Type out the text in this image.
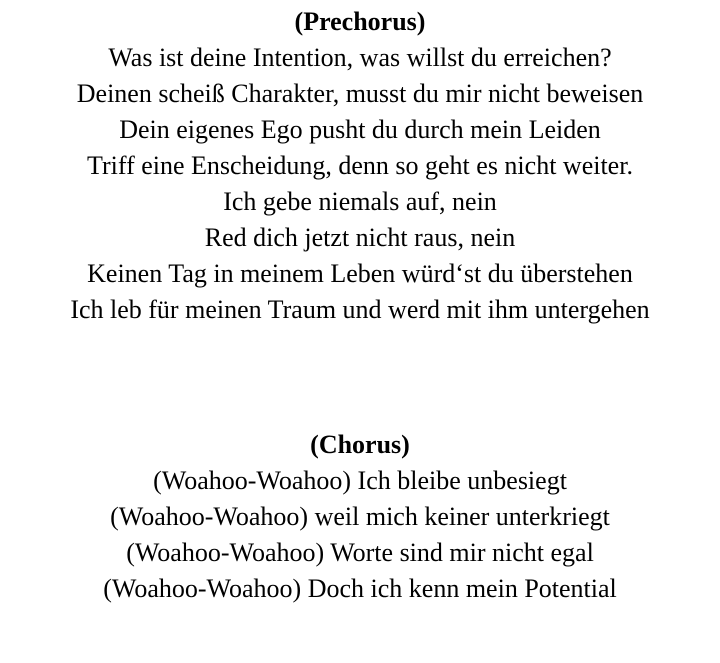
(Prechorus)
Was ist deine Intention, was willst du erreichen?
Deinen scheiß Charakter, musst du mir nicht beweisen
Dein eigenes Ego pusht du durch mein Leiden
Triff eine Enscheidung, denn so geht es nicht weiter.
Ich gebe niemals auf, nein
Red dich jetzt nicht raus, nein
Keinen Tag in meinem Leben würd‘st du überstehen
Ich leb für meinen Traum und werd mit ihm untergehen
(Chorus)
(Woahoo-Woahoo) Ich bleibe unbesiegt
(Woahoo-Woahoo) weil mich keiner unterkriegt
(Woahoo-Woahoo) Worte sind mir nicht egal
(Woahoo-Woahoo) Doch ich kenn mein Potential
